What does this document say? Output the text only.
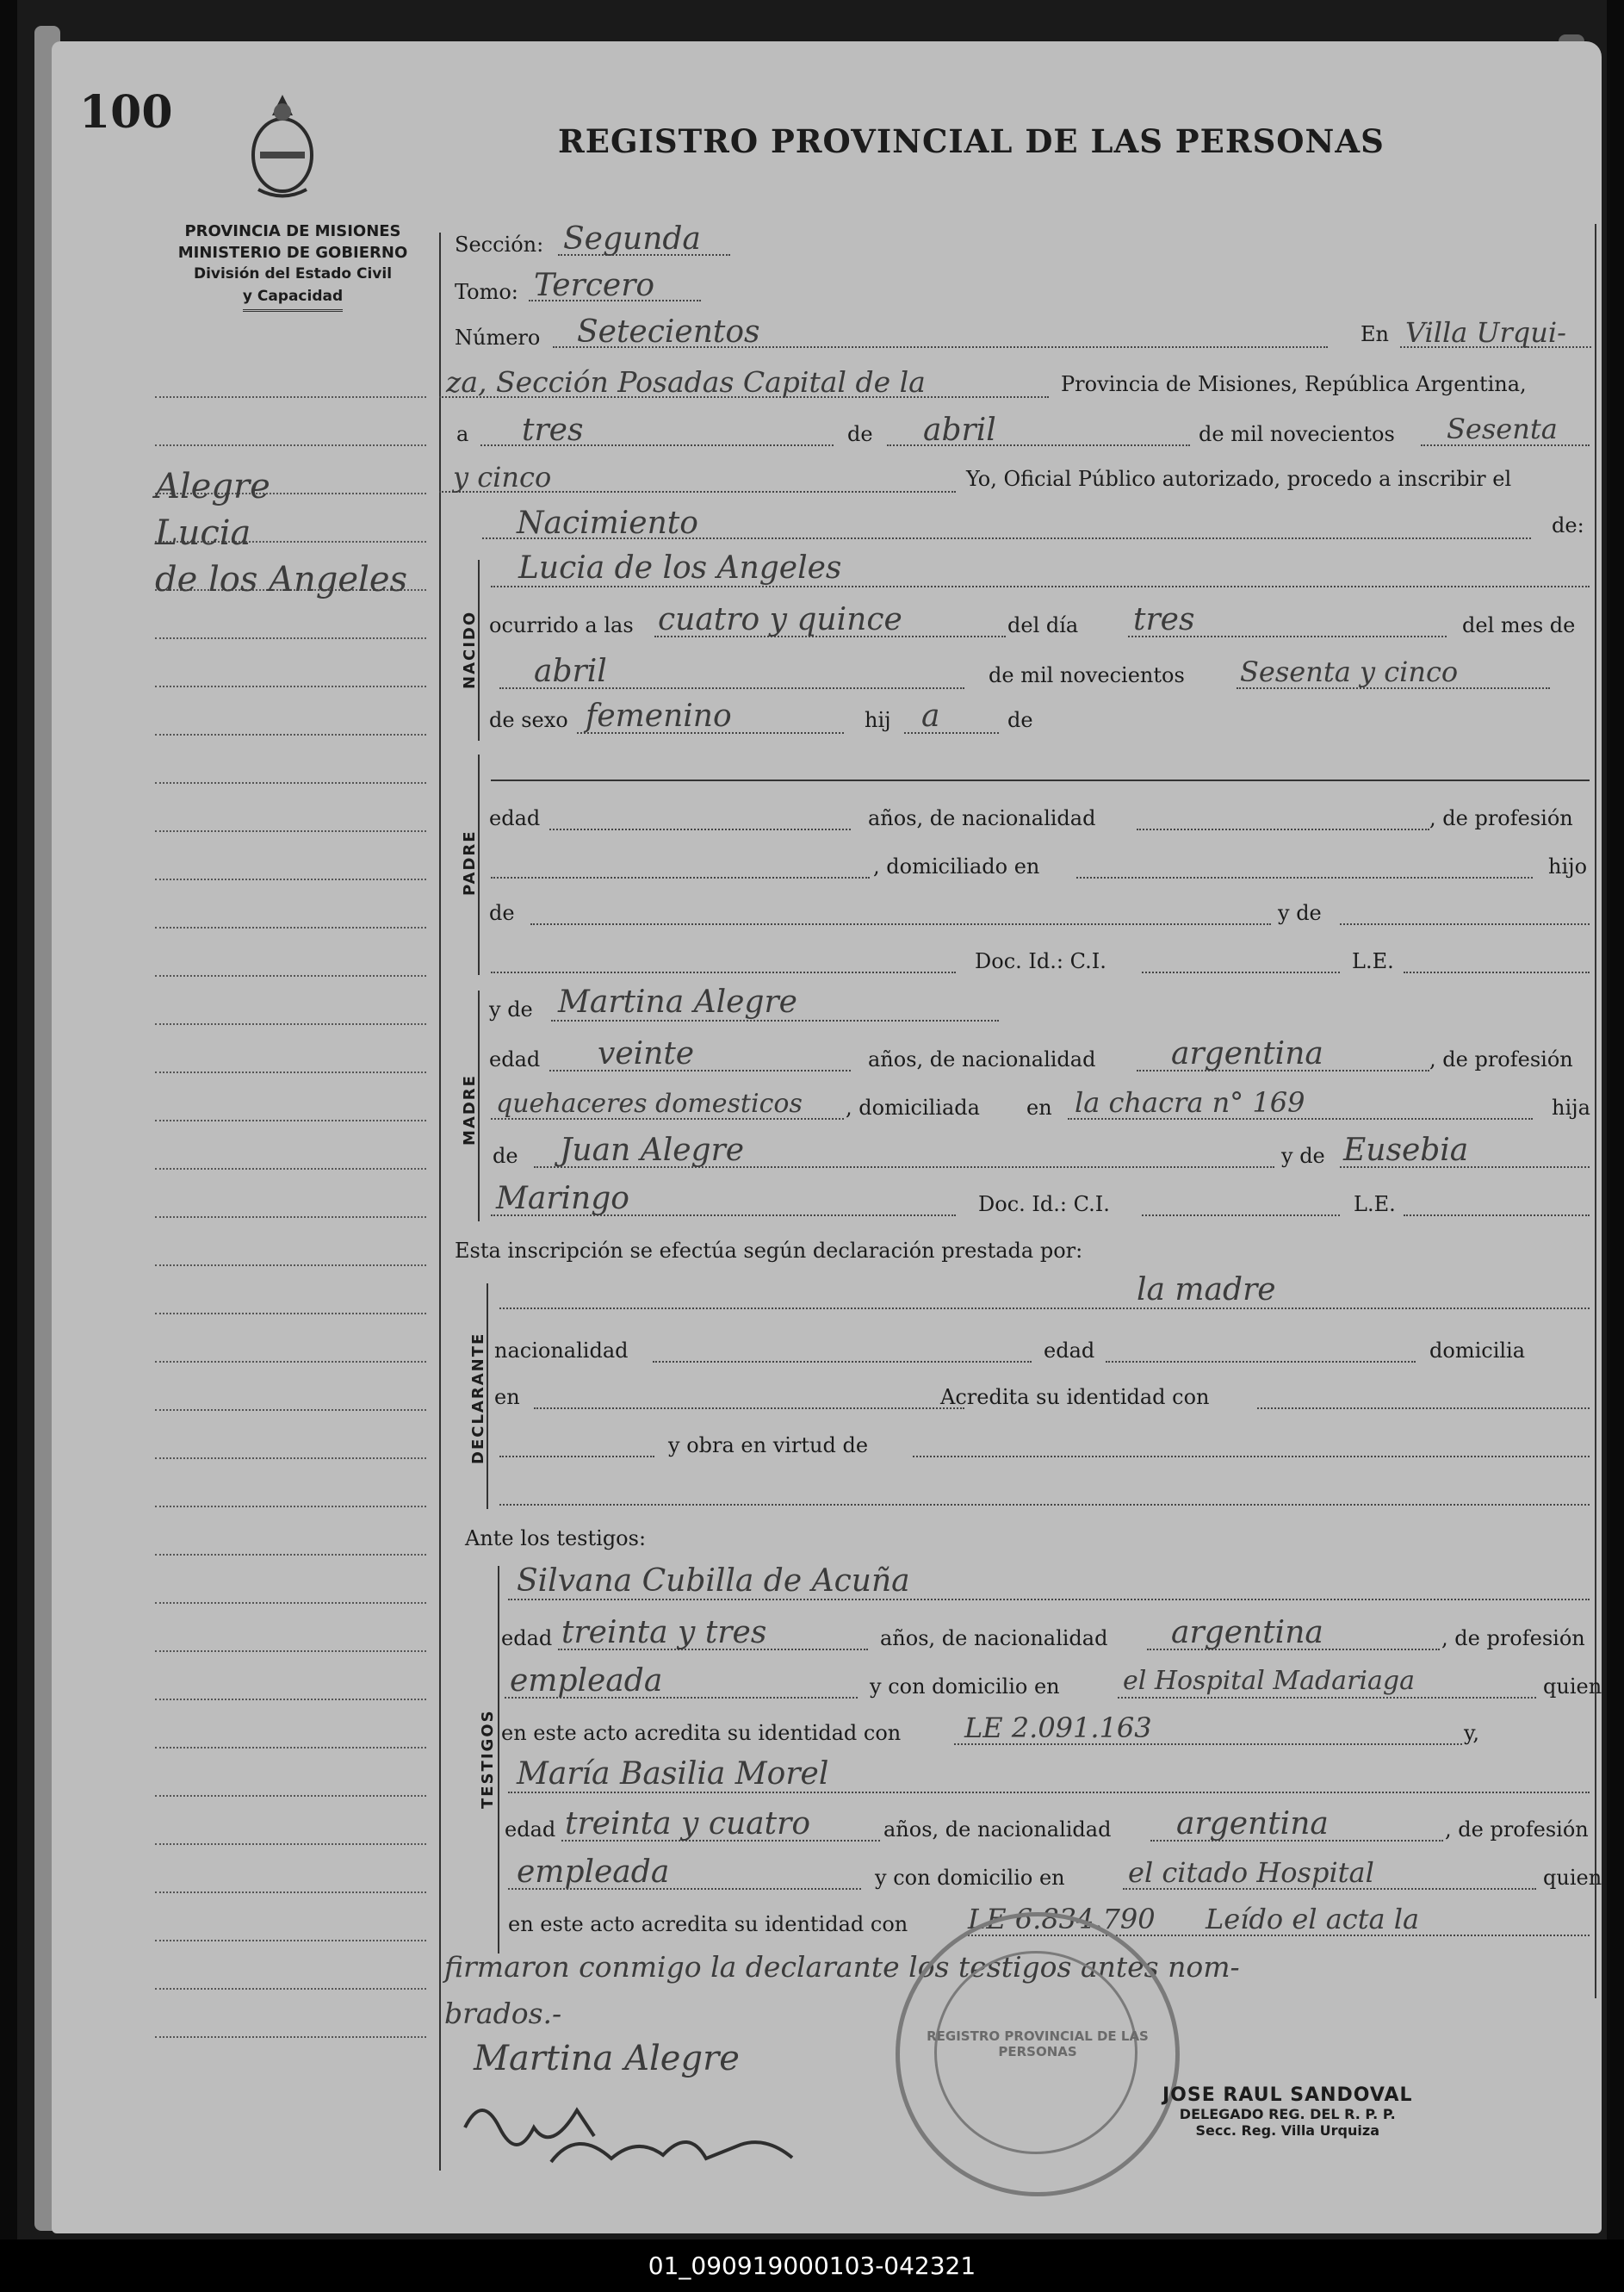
100
REGISTRO PROVINCIAL DE LAS PERSONAS
PROVINCIA DE MISIONES
MINISTERIO DE GOBIERNO
División del Estado Civil
y Capacidad
Alegre
Lucia
de los Angeles
Sección: Segunda
Tomo: Tercero
Número Setecientos	En Villa Urqui-
za, Sección Posadas Capital de la	Provincia de Misiones, República Argentina,
a tres	de abril	de mil novecientos Sesenta
y cinco	Yo, Oficial Público autorizado, procedo a inscribir el
Nacimiento	de:
NACIDO
Lucia de los Angeles
ocurrido a las cuatro y quince	del día tres	del mes de
abril	de mil novecientos Sesenta y cinco
de sexo femenino	hij a	de
PADRE
edad	años, de nacionalidad	, de profesión
, domiciliado en	hijo
de	y de
Doc. Id.: C.I.	L.E.
MADRE
y de Martina Alegre
edad veinte	años, de nacionalidad argentina	, de profesión
quehaceres domesticos , domiciliada en la chacra n° 169	hija
de Juan Alegre	y de Eusebia
Maringo	Doc. Id.: C.I.	L.E.
Esta inscripción se efectúa según declaración prestada por:
DECLARANTE
la madre
nacionalidad	edad	domicilia
en	Acredita su identidad con
y obra en virtud de
Ante los testigos:
TESTIGOS
Silvana Cubilla de Acuña
edad treinta y tres	años, de nacionalidad argentina	, de profesión
empleada	y con domicilio en el Hospital Madariaga	quien
en este acto acredita su identidad con LE 2.091.163	y,
María Basilia Morel
edad treinta y cuatro	años, de nacionalidad argentina	, de profesión
empleada	y con domicilio en el citado Hospital	quien
en este acto acredita su identidad con LE 6.834.790 Leído el acta la
firmaron conmigo la declarante los testigos antes nom-
brados.-
Martina Alegre
REGISTRO PROVINCIAL DE LAS PERSONAS
JOSE RAUL SANDOVAL
DELEGADO REG. DEL R. P. P.
Secc. Reg. Villa Urquiza
01_090919000103-042321
